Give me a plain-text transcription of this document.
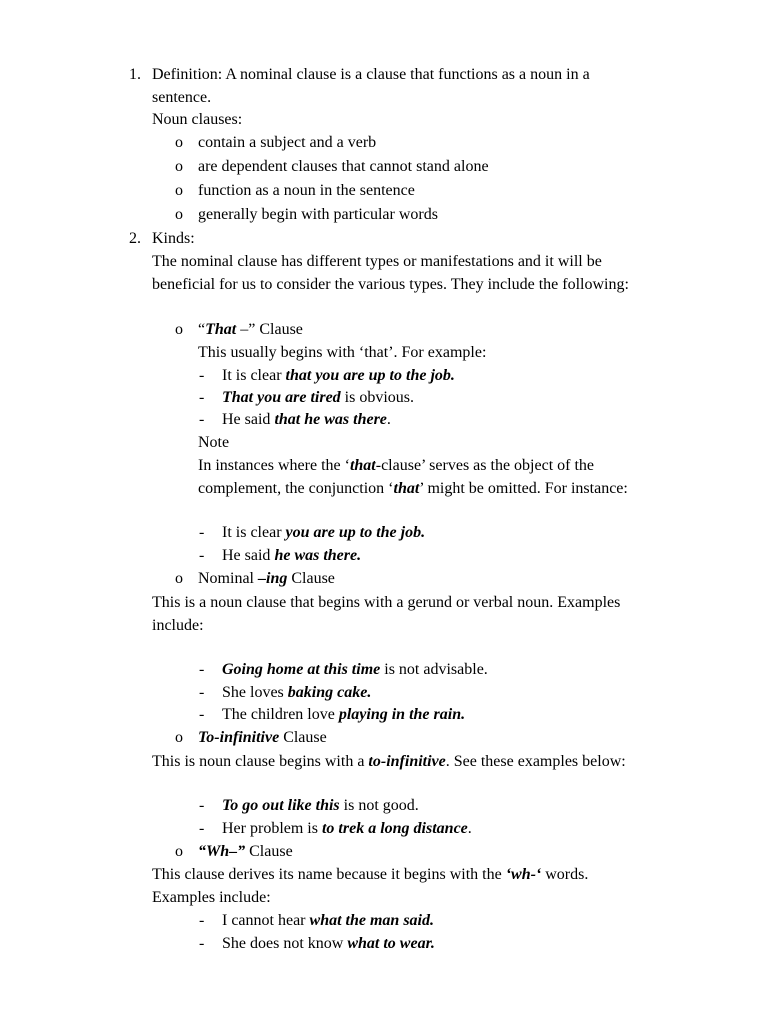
1. Definition: A nominal clause is a clause that functions as a noun in a
sentence.
Noun clauses:
o contain a subject and a verb
o are dependent clauses that cannot stand alone
o function as a noun in the sentence
o generally begin with particular words
2. Kinds:
The nominal clause has different types or manifestations and it will be
beneficial for us to consider the various types. They include the following:
o “That –” Clause
This usually begins with ‘that’. For example:
- It is clear that you are up to the job.
- That you are tired is obvious.
- He said that he was there.
Note
In instances where the ‘that-clause’ serves as the object of the
complement, the conjunction ‘that’ might be omitted. For instance:
- It is clear you are up to the job.
- He said he was there.
o Nominal –ing Clause
This is a noun clause that begins with a gerund or verbal noun. Examples
include:
- Going home at this time is not advisable.
- She loves baking cake.
- The children love playing in the rain.
o To-infinitive Clause
This is noun clause begins with a to-infinitive. See these examples below:
- To go out like this is not good.
- Her problem is to trek a long distance.
o “Wh–” Clause
This clause derives its name because it begins with the ‘wh-‘ words.
Examples include:
- I cannot hear what the man said.
- She does not know what to wear.
